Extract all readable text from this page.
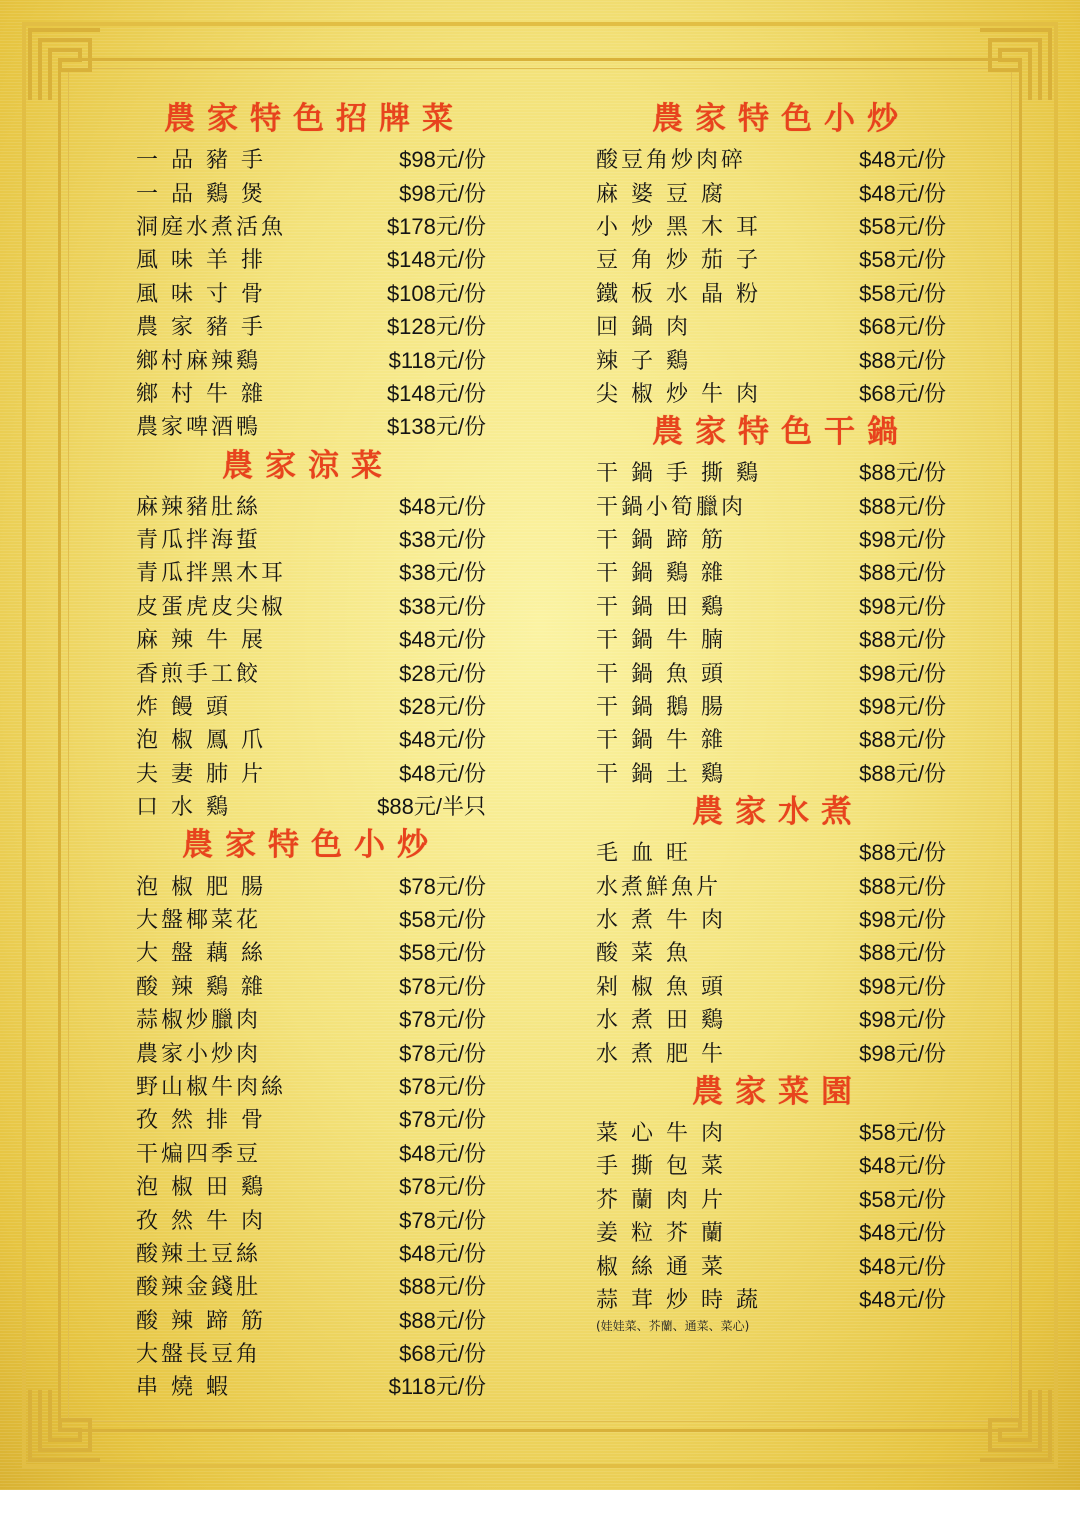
農家特色招牌菜
一 品 豬 手	$98元/份
一 品 鷄 煲	$98元/份
洞庭水煮活魚	$178元/份
風 味 羊 排	$148元/份
風 味 寸 骨	$108元/份
農 家 豬 手	$128元/份
鄉村麻辣鷄	$118元/份
鄉 村 牛 雜	$148元/份
農家啤酒鴨	$138元/份
農家涼菜
麻辣豬肚絲	$48元/份
青瓜拌海蜇	$38元/份
青瓜拌黑木耳	$38元/份
皮蛋虎皮尖椒	$38元/份
麻 辣 牛 展	$48元/份
香煎手工餃	$28元/份
炸 饅 頭	$28元/份
泡 椒 鳳 爪	$48元/份
夫 妻 肺 片	$48元/份
口 水 鷄	$88元/半只
農家特色小炒
泡 椒 肥 腸	$78元/份
大盤椰菜花	$58元/份
大 盤 藕 絲	$58元/份
酸 辣 鷄 雜	$78元/份
蒜椒炒臘肉	$78元/份
農家小炒肉	$78元/份
野山椒牛肉絲	$78元/份
孜 然 排 骨	$78元/份
干煸四季豆	$48元/份
泡 椒 田 鷄	$78元/份
孜 然 牛 肉	$78元/份
酸辣土豆絲	$48元/份
酸辣金錢肚	$88元/份
酸 辣 蹄 筋	$88元/份
大盤長豆角	$68元/份
串 燒 蝦	$118元/份
農家特色小炒
酸豆角炒肉碎	$48元/份
麻 婆 豆 腐	$48元/份
小 炒 黑 木 耳	$58元/份
豆 角 炒 茄 子	$58元/份
鐵 板 水 晶 粉	$58元/份
回 鍋 肉	$68元/份
辣 子 鷄	$88元/份
尖 椒 炒 牛 肉	$68元/份
農家特色干鍋
干 鍋 手 撕 鷄	$88元/份
干鍋小筍臘肉	$88元/份
干 鍋 蹄 筋	$98元/份
干 鍋 鷄 雜	$88元/份
干 鍋 田 鷄	$98元/份
干 鍋 牛 腩	$88元/份
干 鍋 魚 頭	$98元/份
干 鍋 鵝 腸	$98元/份
干 鍋 牛 雜	$88元/份
干 鍋 土 鷄	$88元/份
農家水煮
毛 血 旺	$88元/份
水煮鮮魚片	$88元/份
水 煮 牛 肉	$98元/份
酸 菜 魚	$88元/份
剁 椒 魚 頭	$98元/份
水 煮 田 鷄	$98元/份
水 煮 肥 牛	$98元/份
農家菜園
菜 心 牛 肉	$58元/份
手 撕 包 菜	$48元/份
芥 蘭 肉 片	$58元/份
姜 粒 芥 蘭	$48元/份
椒 絲 通 菜	$48元/份
蒜 茸 炒 時 蔬	$48元/份
(娃娃菜、芥蘭、通菜、菜心)
